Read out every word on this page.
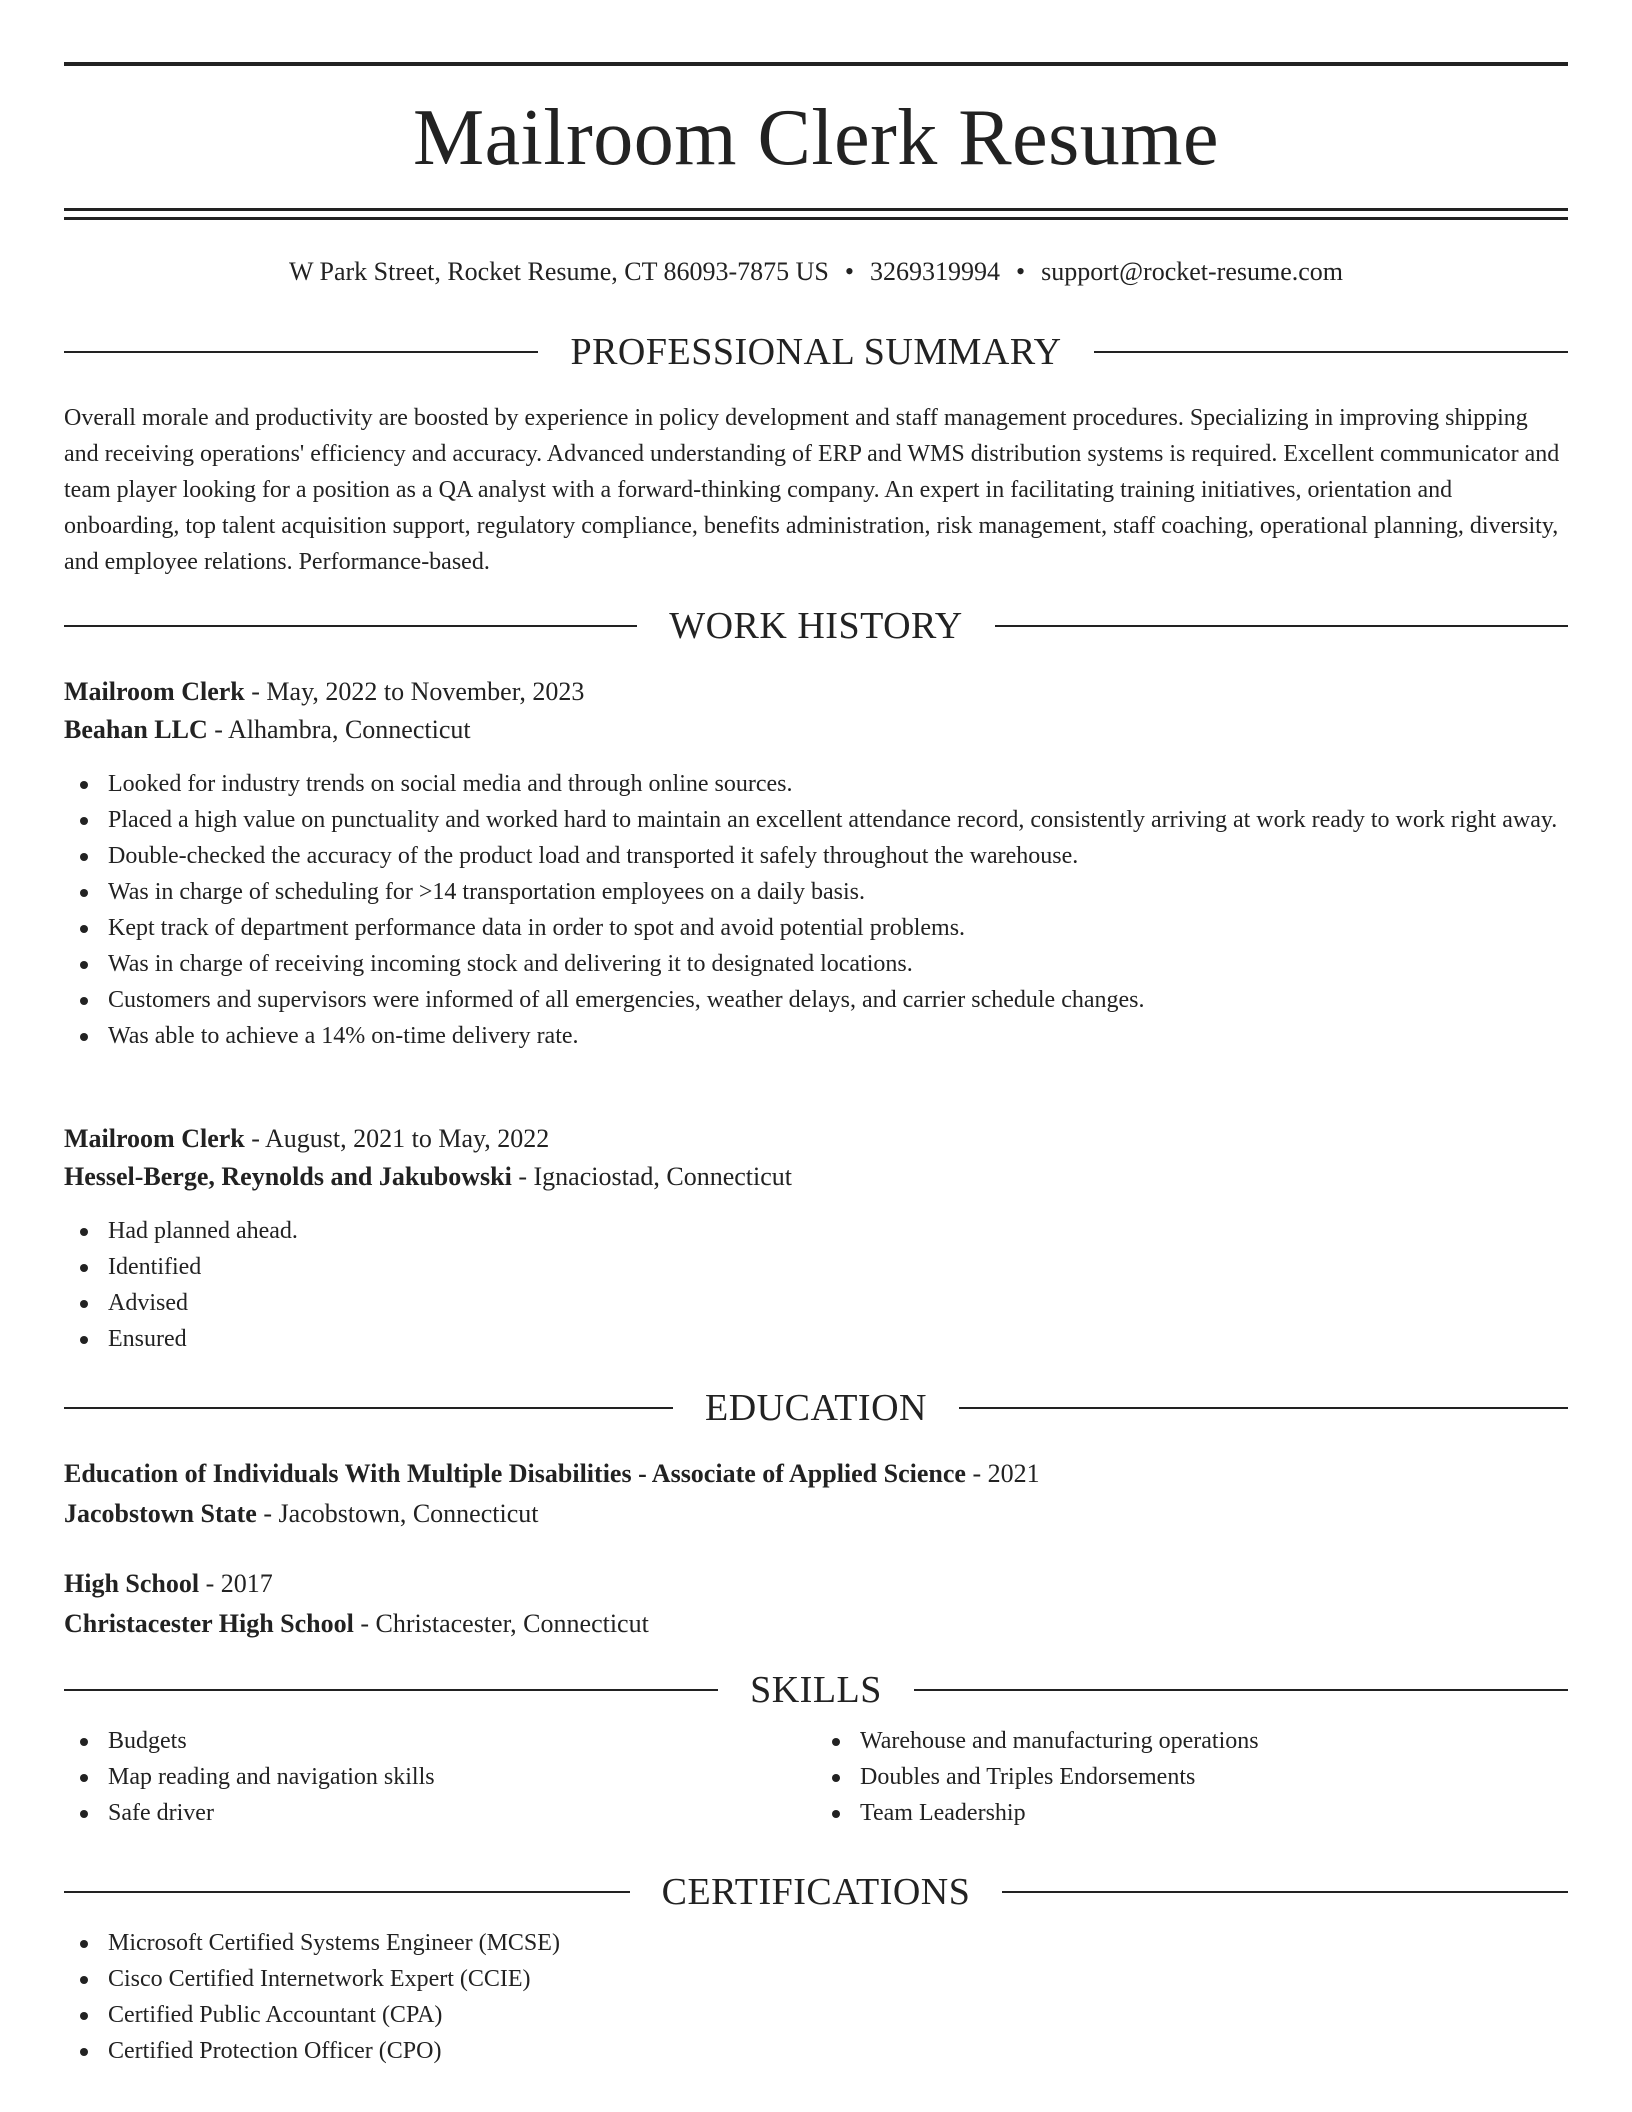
Mailroom Clerk Resume
W Park Street, Rocket Resume, CT 86093-7875 US • 3269319994 • support@rocket-resume.com
PROFESSIONAL SUMMARY
Overall morale and productivity are boosted by experience in policy development and staff management procedures. Specializing in improving shipping and receiving operations' efficiency and accuracy. Advanced understanding of ERP and WMS distribution systems is required. Excellent communicator and team player looking for a position as a QA analyst with a forward-thinking company. An expert in facilitating training initiatives, orientation and onboarding, top talent acquisition support, regulatory compliance, benefits administration, risk management, staff coaching, operational planning, diversity, and employee relations. Performance-based.
WORK HISTORY
Mailroom Clerk - May, 2022 to November, 2023
Beahan LLC - Alhambra, Connecticut
Looked for industry trends on social media and through online sources.
Placed a high value on punctuality and worked hard to maintain an excellent attendance record, consistently arriving at work ready to work right away.
Double-checked the accuracy of the product load and transported it safely throughout the warehouse.
Was in charge of scheduling for >14 transportation employees on a daily basis.
Kept track of department performance data in order to spot and avoid potential problems.
Was in charge of receiving incoming stock and delivering it to designated locations.
Customers and supervisors were informed of all emergencies, weather delays, and carrier schedule changes.
Was able to achieve a 14% on-time delivery rate.
Mailroom Clerk - August, 2021 to May, 2022
Hessel-Berge, Reynolds and Jakubowski - Ignaciostad, Connecticut
Had planned ahead.
Identified
Advised
Ensured
EDUCATION
Education of Individuals With Multiple Disabilities - Associate of Applied Science - 2021
Jacobstown State - Jacobstown, Connecticut
High School - 2017
Christacester High School - Christacester, Connecticut
SKILLS
Budgets
Map reading and navigation skills
Safe driver
Warehouse and manufacturing operations
Doubles and Triples Endorsements
Team Leadership
CERTIFICATIONS
Microsoft Certified Systems Engineer (MCSE)
Cisco Certified Internetwork Expert (CCIE)
Certified Public Accountant (CPA)
Certified Protection Officer (CPO)
